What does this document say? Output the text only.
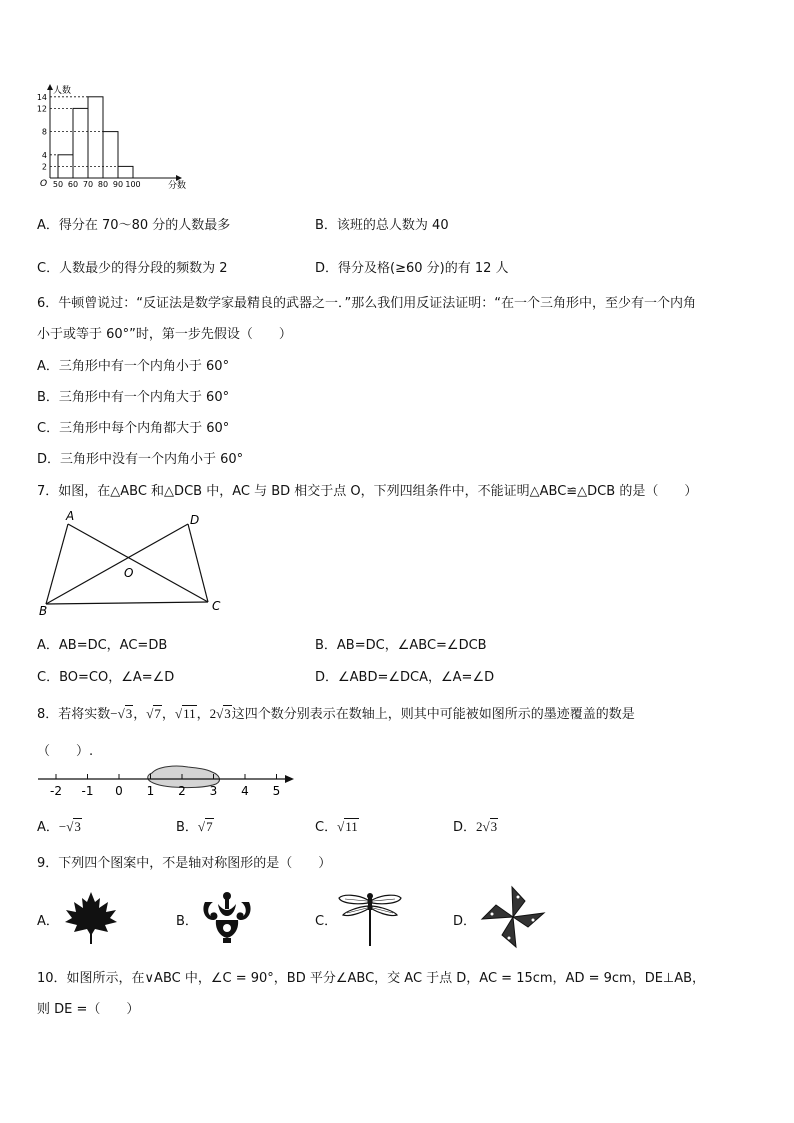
2
4
8
12
14
50 60 70 80 90 100
人数
分数
O
A．得分在 70～80 分的人数最多	B．该班的总人数为 40
C．人数最少的得分段的频数为 2	D．得分及格(≥60 分)的有 12 人
6．牛顿曾说过：“反证法是数学家最精良的武器之一．”那么我们用反证法证明：“在一个三角形中，至少有一个内角
小于或等于 60°”时，第一步先假设（　　）
A．三角形中有一个内角小于 60°
B．三角形中有一个内角大于 60°
C．三角形中每个内角都大于 60°
D．三角形中没有一个内角小于 60°
7．如图，在△ABC 和△DCB 中，AC 与 BD 相交于点 O，下列四组条件中，不能证明△ABC≌△DCB 的是（　　）
A	D
O
B	C
A．AB=DC，AC=DB	B．AB=DC，∠ABC=∠DCB
C．BO=CO，∠A=∠D	D．∠ABD=∠DCA，∠A=∠D
8．若将实数−√3，√7，√11，2√3这四个数分别表示在数轴上，则其中可能被如图所示的墨迹覆盖的数是
（　　）.
-2 -1 0 1 2 3 4 5
A．−√3	B．√7	C．√11	D．2√3
9．下列四个图案中，不是轴对称图形的是（　　）
A．	B．	C．	D．
10．如图所示，在∨ABC 中，∠C = 90°，BD 平分∠ABC，交 AC 于点 D，AC = 15cm，AD = 9cm，DE⊥AB，
则 DE =（　　）
